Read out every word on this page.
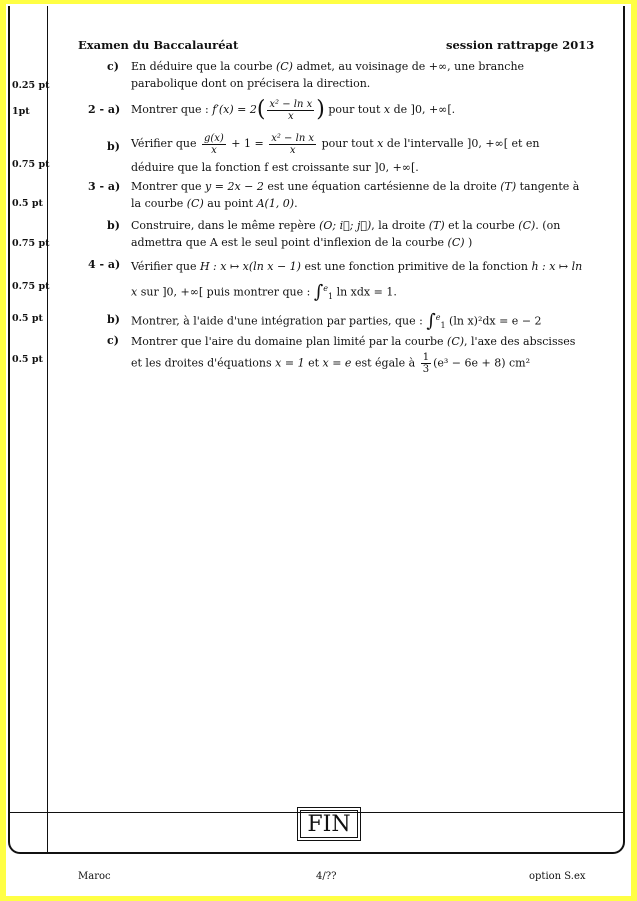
Examen du Baccalauréat	session rattrapge 2013
0.25 pt
1pt
0.75 pt
0.5 pt
0.75 pt
0.75 pt
0.5 pt
0.5 pt
c) En déduire que la courbe (C) admet, au voisinage de +∞, une branche parabolique dont on précisera la direction.
2 - a) Montrer que : $f'(x) = 2( \frac{\text{x² − ln x}}{x}$ ) pour tout x de ]0, +∞[.
b) Vérifier que $\frac{g(x)}{x} + 1 = \frac{\text{x² − ln x}}{x}$ pour tout x de l'intervalle ]0, +∞[ et en déduire que la fonction f est croissante sur ]0, +∞[.
3 - a) Montrer que y = 2x − 2 est une équation cartésienne de la droite (T) tangente à la courbe (C) au point A(1, 0).
b) Construire, dans le même repère (O; i⃗; j⃗), la droite (T) et la courbe (C). (on admettra que A est le seul point d'inflexion de la courbe (C) )
4 - a) Vérifier que H : x ↦ x(ln x − 1) est une fonction primitive de la fonction h : x ↦ ln x sur ]0, +∞[ puis montrer que : ∫$^e_1$ ln xdx = 1.
b) Montrer, à l'aide d'une intégration par parties, que : ∫$^e_1$ (ln x)²dx = e − 2
c) Montrer que l'aire du domaine plan limité par la courbe (C), l'axe des abscisses et les droites d'équations x = 1 et x = e est égale à $\frac{1}{3} (e^3 - 6e + 8)$ cm²
FIN
Maroc	4/??	option S.ex
